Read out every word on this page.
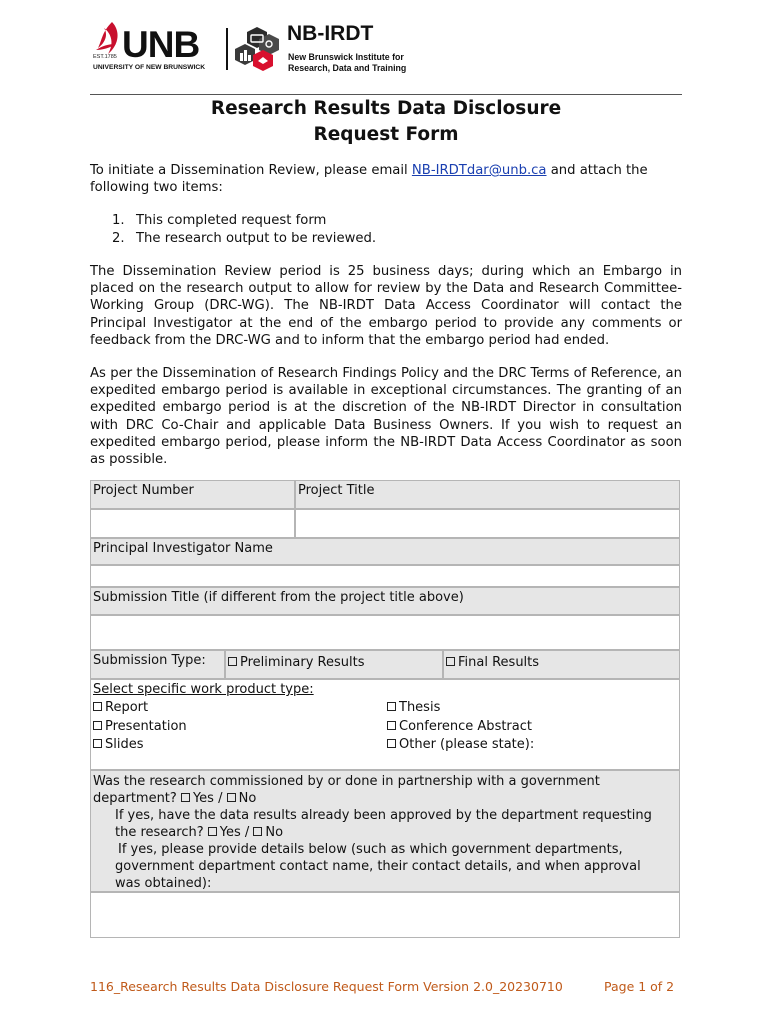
UNB
EST.1785
UNIVERSITY OF NEW BRUNSWICK
NB-IRDT
New Brunswick Institute for
Research, Data and Training
Research Results Data Disclosure
Request Form
To initiate a Dissemination Review, please email NB-IRDTdar@unb.ca and attach the following two items:
1. This completed request form
2. The research output to be reviewed.
The Dissemination Review period is 25 business days; during which an Embargo in placed on the research output to allow for review by the Data and Research Committee-Working Group (DRC-WG). The NB-IRDT Data Access Coordinator will contact the Principal Investigator at the end of the embargo period to provide any comments or feedback from the DRC-WG and to inform that the embargo period had ended.
As per the Dissemination of Research Findings Policy and the DRC Terms of Reference, an expedited embargo period is available in exceptional circumstances. The granting of an expedited embargo period is at the discretion of the NB-IRDT Director in consultation with DRC Co-Chair and applicable Data Business Owners. If you wish to request an expedited embargo period, please inform the NB-IRDT Data Access Coordinator as soon as possible.
Project Number	Project Title
Principal Investigator Name
Submission Title (if different from the project title above)
Submission Type:	Preliminary Results	Final Results
Select specific work product type:
Report
Presentation
Slides
Thesis
Conference Abstract
Other (please state):
Was the research commissioned by or done in partnership with a government
department? Yes / No
If yes, have the data results already been approved by the department requesting
the research? Yes / No
If yes, please provide details below (such as which government departments,
government department contact name, their contact details, and when approval
was obtained):
116_Research Results Data Disclosure Request Form Version 2.0_20230710	Page 1 of 2
